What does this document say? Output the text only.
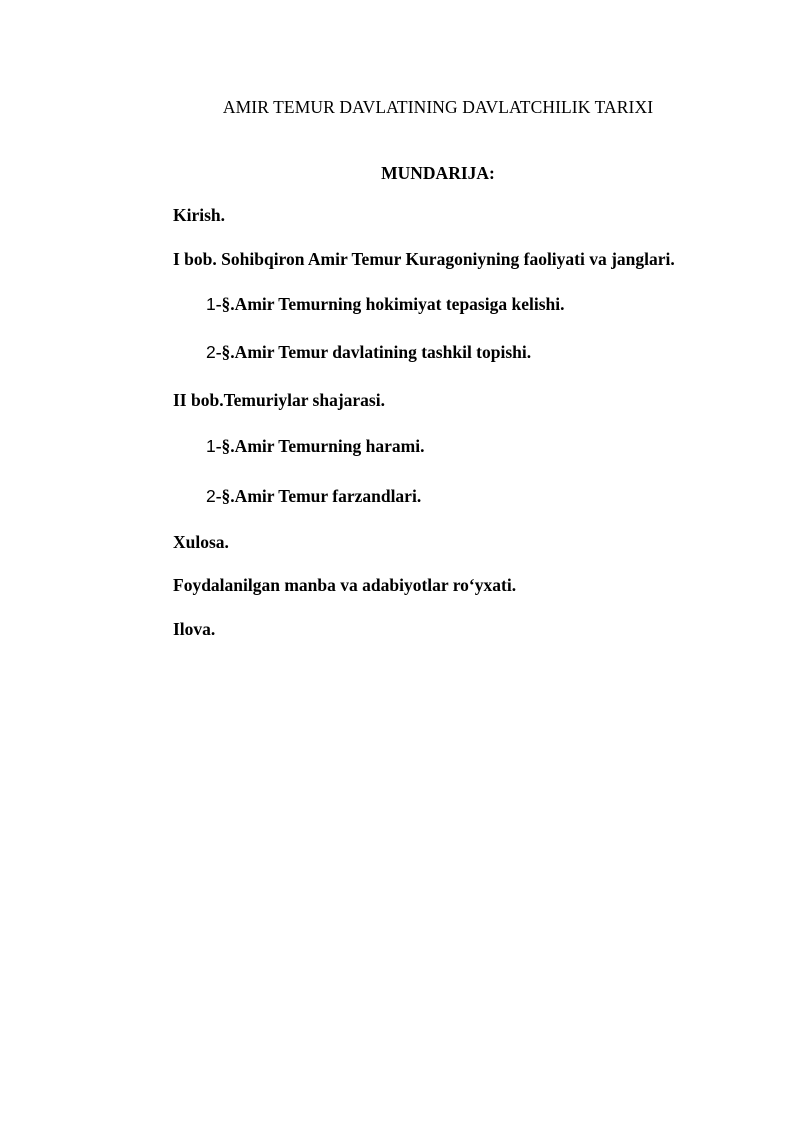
AMIR TEMUR DAVLATINING DAVLATCHILIK TARIXI
MUNDARIJA:
Kirish.
I bob. Sohibqiron Amir Temur Kuragoniyning faoliyati va janglari.
1-§.Amir Temurning hokimiyat tepasiga kelishi.
2-§.Amir Temur davlatining tashkil topishi.
II bob.Temuriylar shajarasi.
1-§.Amir Temurning harami.
2-§.Amir Temur farzandlari.
Xulosa.
Foydalanilgan manba va adabiyotlar ro‘yxati.
Ilova.
